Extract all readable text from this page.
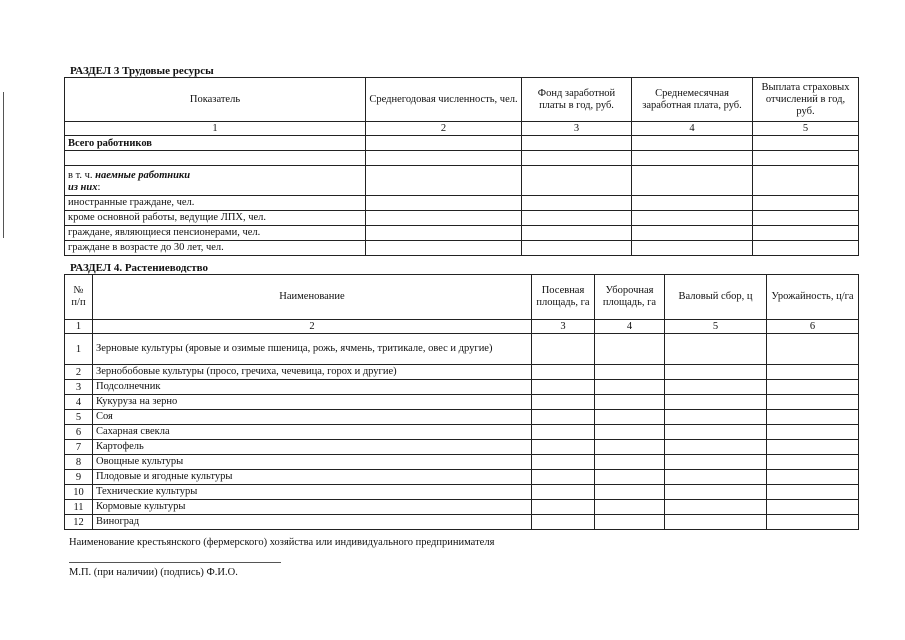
РАЗДЕЛ 3 Трудовые ресурсы
Показатель	Среднегодовая численность, чел.	Фонд заработной платы в год, руб.	Среднемесячная заработная плата, руб.	Выплата страховых отчислений в год, руб.
1	2	3	4	5
Всего работников				

в т. ч. наемные работники
из них:				
иностранные граждане, чел.				
кроме основной работы, ведущие ЛПХ, чел.				
граждане, являющиеся пенсионерами, чел.				
граждане в возрасте до 30 лет, чел.				
РАЗДЕЛ 4. Растениеводство
№ п/п	Наименование	Посевная площадь, га	Уборочная площадь, га	Валовый сбор, ц	Урожайность, ц/га
1	2	3	4	5	6
1	Зерновые культуры (яровые и озимые пшеница, рожь, ячмень, тритикале, овес и другие)				
2	Зернобобовые культуры (просо, гречиха, чечевица, горох и другие)				
3	Подсолнечник				
4	Кукуруза на зерно				
5	Соя				
6	Сахарная свекла				
7	Картофель				
8	Овощные культуры				
9	Плодовые и ягодные культуры				
10	Технические культуры				
11	Кормовые культуры				
12	Виноград				
Наименование крестьянского (фермерского) хозяйства или индивидуального предпринимателя
М.П. (при наличии) (подпись) Ф.И.О.
